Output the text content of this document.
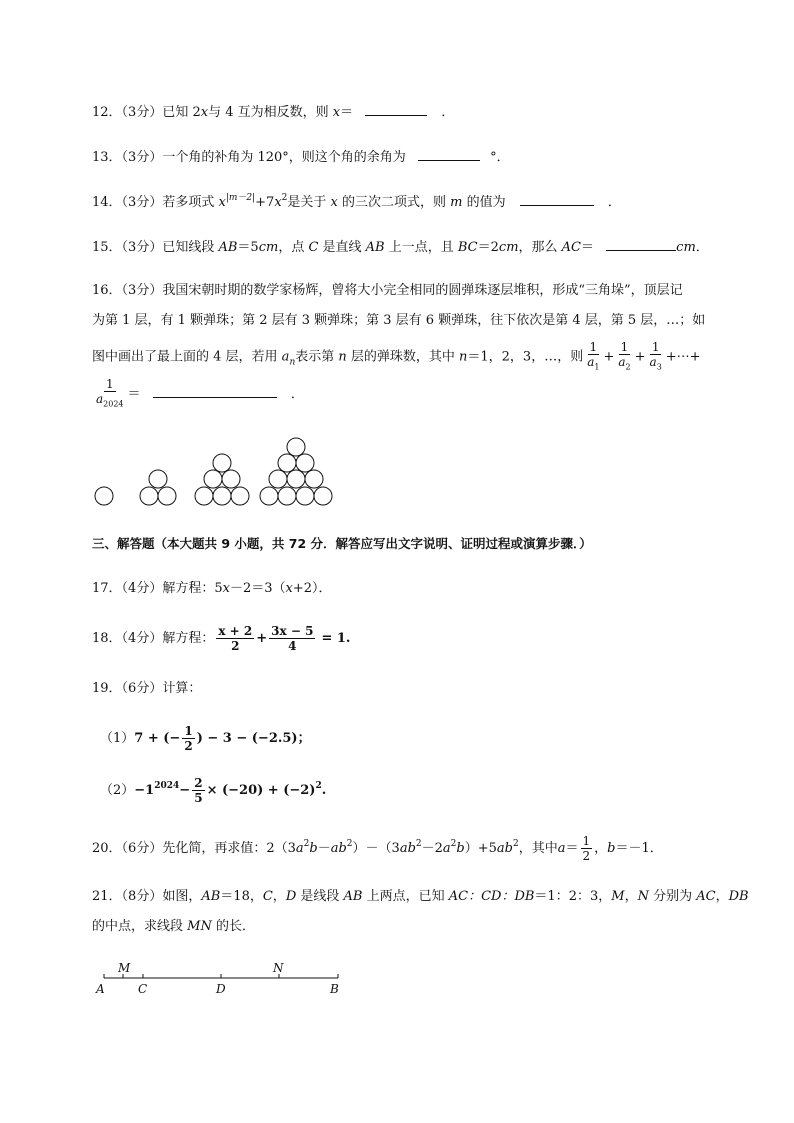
12．（3分）已知 2x与 4 互为相反数，则 x＝	．
13．（3分）一个角的补角为 120°，则这个角的余角为	°．
14．（3分）若多项式 $x^{|m-2|}+7x^2$是关于 x 的三次二项式，则 m 的值为	．
15．（3分）已知线段 AB＝5cm，点 C 是直线 AB 上一点，且 BC＝2cm，那么 AC＝	cm．
16．（3分）我国宋朝时期的数学家杨辉，曾将大小完全相同的圆弹珠逐层堆积，形成“三角垛”，顶层记
为第 1 层，有 1 颗弹珠；第 2 层有 3 颗弹珠；第 3 层有 6 颗弹珠，往下依次是第 4 层，第 5 层，…；如
图中画出了最上面的 4 层，若用 $a_n$表示第 n 层的弹珠数，其中 n＝1，2，3，…，则 $\frac{1}{a_1} + \frac{1}{a_2} + \frac{1}{a_3}$ +⋯+
$\frac{1}{a_{2024}}$ ＝	．
三、解答题（本大题共 9 小题，共 72 分．解答应写出文字说明、证明过程或演算步骤．）
17．（4分）解方程：5x－2＝3（x+2）．
18．（4分）解方程： $\frac{x + 2}{2} + \frac{3x - 5}{4} = 1$.
19．（6分）计算：
（1）7 + (− $\frac{1}{2}$ ) − 3 − (−2.5)；
$(2)-1^{2024}- \frac{2}{5} \times (-20) + (-2)^2$.
20．（6分）先化简，再求值：$2(3a^2b-ab^2)-(3ab^2-2a^2b)+5ab^2$，其中$a= \frac{1}{2}$ ，b＝－1．
21．（8分）如图，AB＝18，C，D 是线段 AB 上两点，已知 AC：CD：DB＝1：2：3，M，N 分别为 AC，DB
的中点，求线段 MN 的长．
A
M
C	D
N
B
